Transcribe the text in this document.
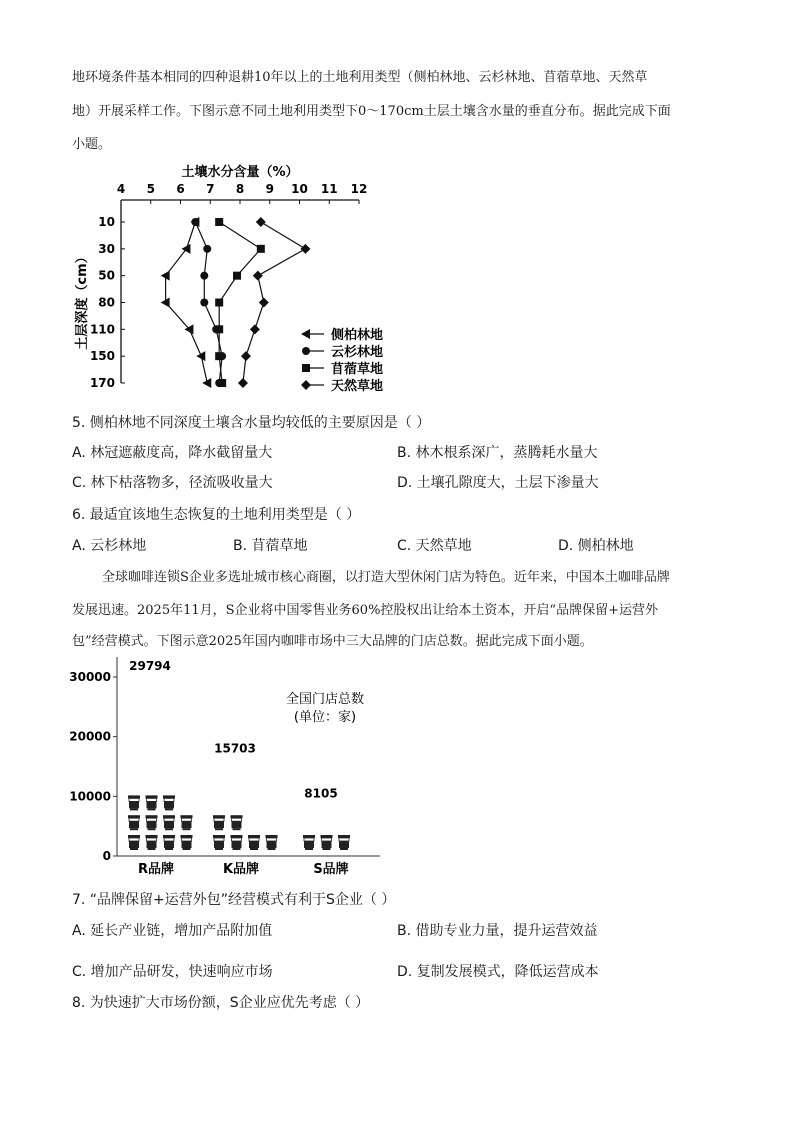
地环境条件基本相同的四种退耕10年以上的土地利用类型（侧柏林地、云杉林地、苜蓿草地、天然草
地）开展采样工作。下图示意不同土地利用类型下0～170cm土层土壤含水量的垂直分布。据此完成下面
小题。
土壤水分含量（%）
土层深度（cm）
4 5 6 7 8 9 10 11 12
10
30
50
80
110
150
170
侧柏林地
云杉林地
苜蓿草地
天然草地
5. 侧柏林地不同深度土壤含水量均较低的主要原因是（ ）
A. 林冠遮蔽度高，降水截留量大	B. 林木根系深广，蒸腾耗水量大
C. 林下枯落物多，径流吸收量大	D. 土壤孔隙度大，土层下渗量大
6. 最适宜该地生态恢复的土地利用类型是（ ）
A. 云杉林地	B. 苜蓿草地	C. 天然草地	D. 侧柏林地
全球咖啡连锁S企业多选址城市核心商圈，以打造大型休闲门店为特色。近年来，中国本土咖啡品牌
发展迅速。2025年11月，S企业将中国零售业务60%控股权出让给本土资本，开启“品牌保留+运营外
包”经营模式。下图示意2025年国内咖啡市场中三大品牌的门店总数。据此完成下面小题。
全国门店总数
(单位：家)
0
10000
20000
30000
R品牌	K品牌	S品牌
29794
15703
8105
7. “品牌保留+运营外包”经营模式有利于S企业（ ）
A. 延长产业链，增加产品附加值	B. 借助专业力量，提升运营效益
C. 增加产品研发，快速响应市场	D. 复制发展模式，降低运营成本
8. 为快速扩大市场份额，S企业应优先考虑（ ）
